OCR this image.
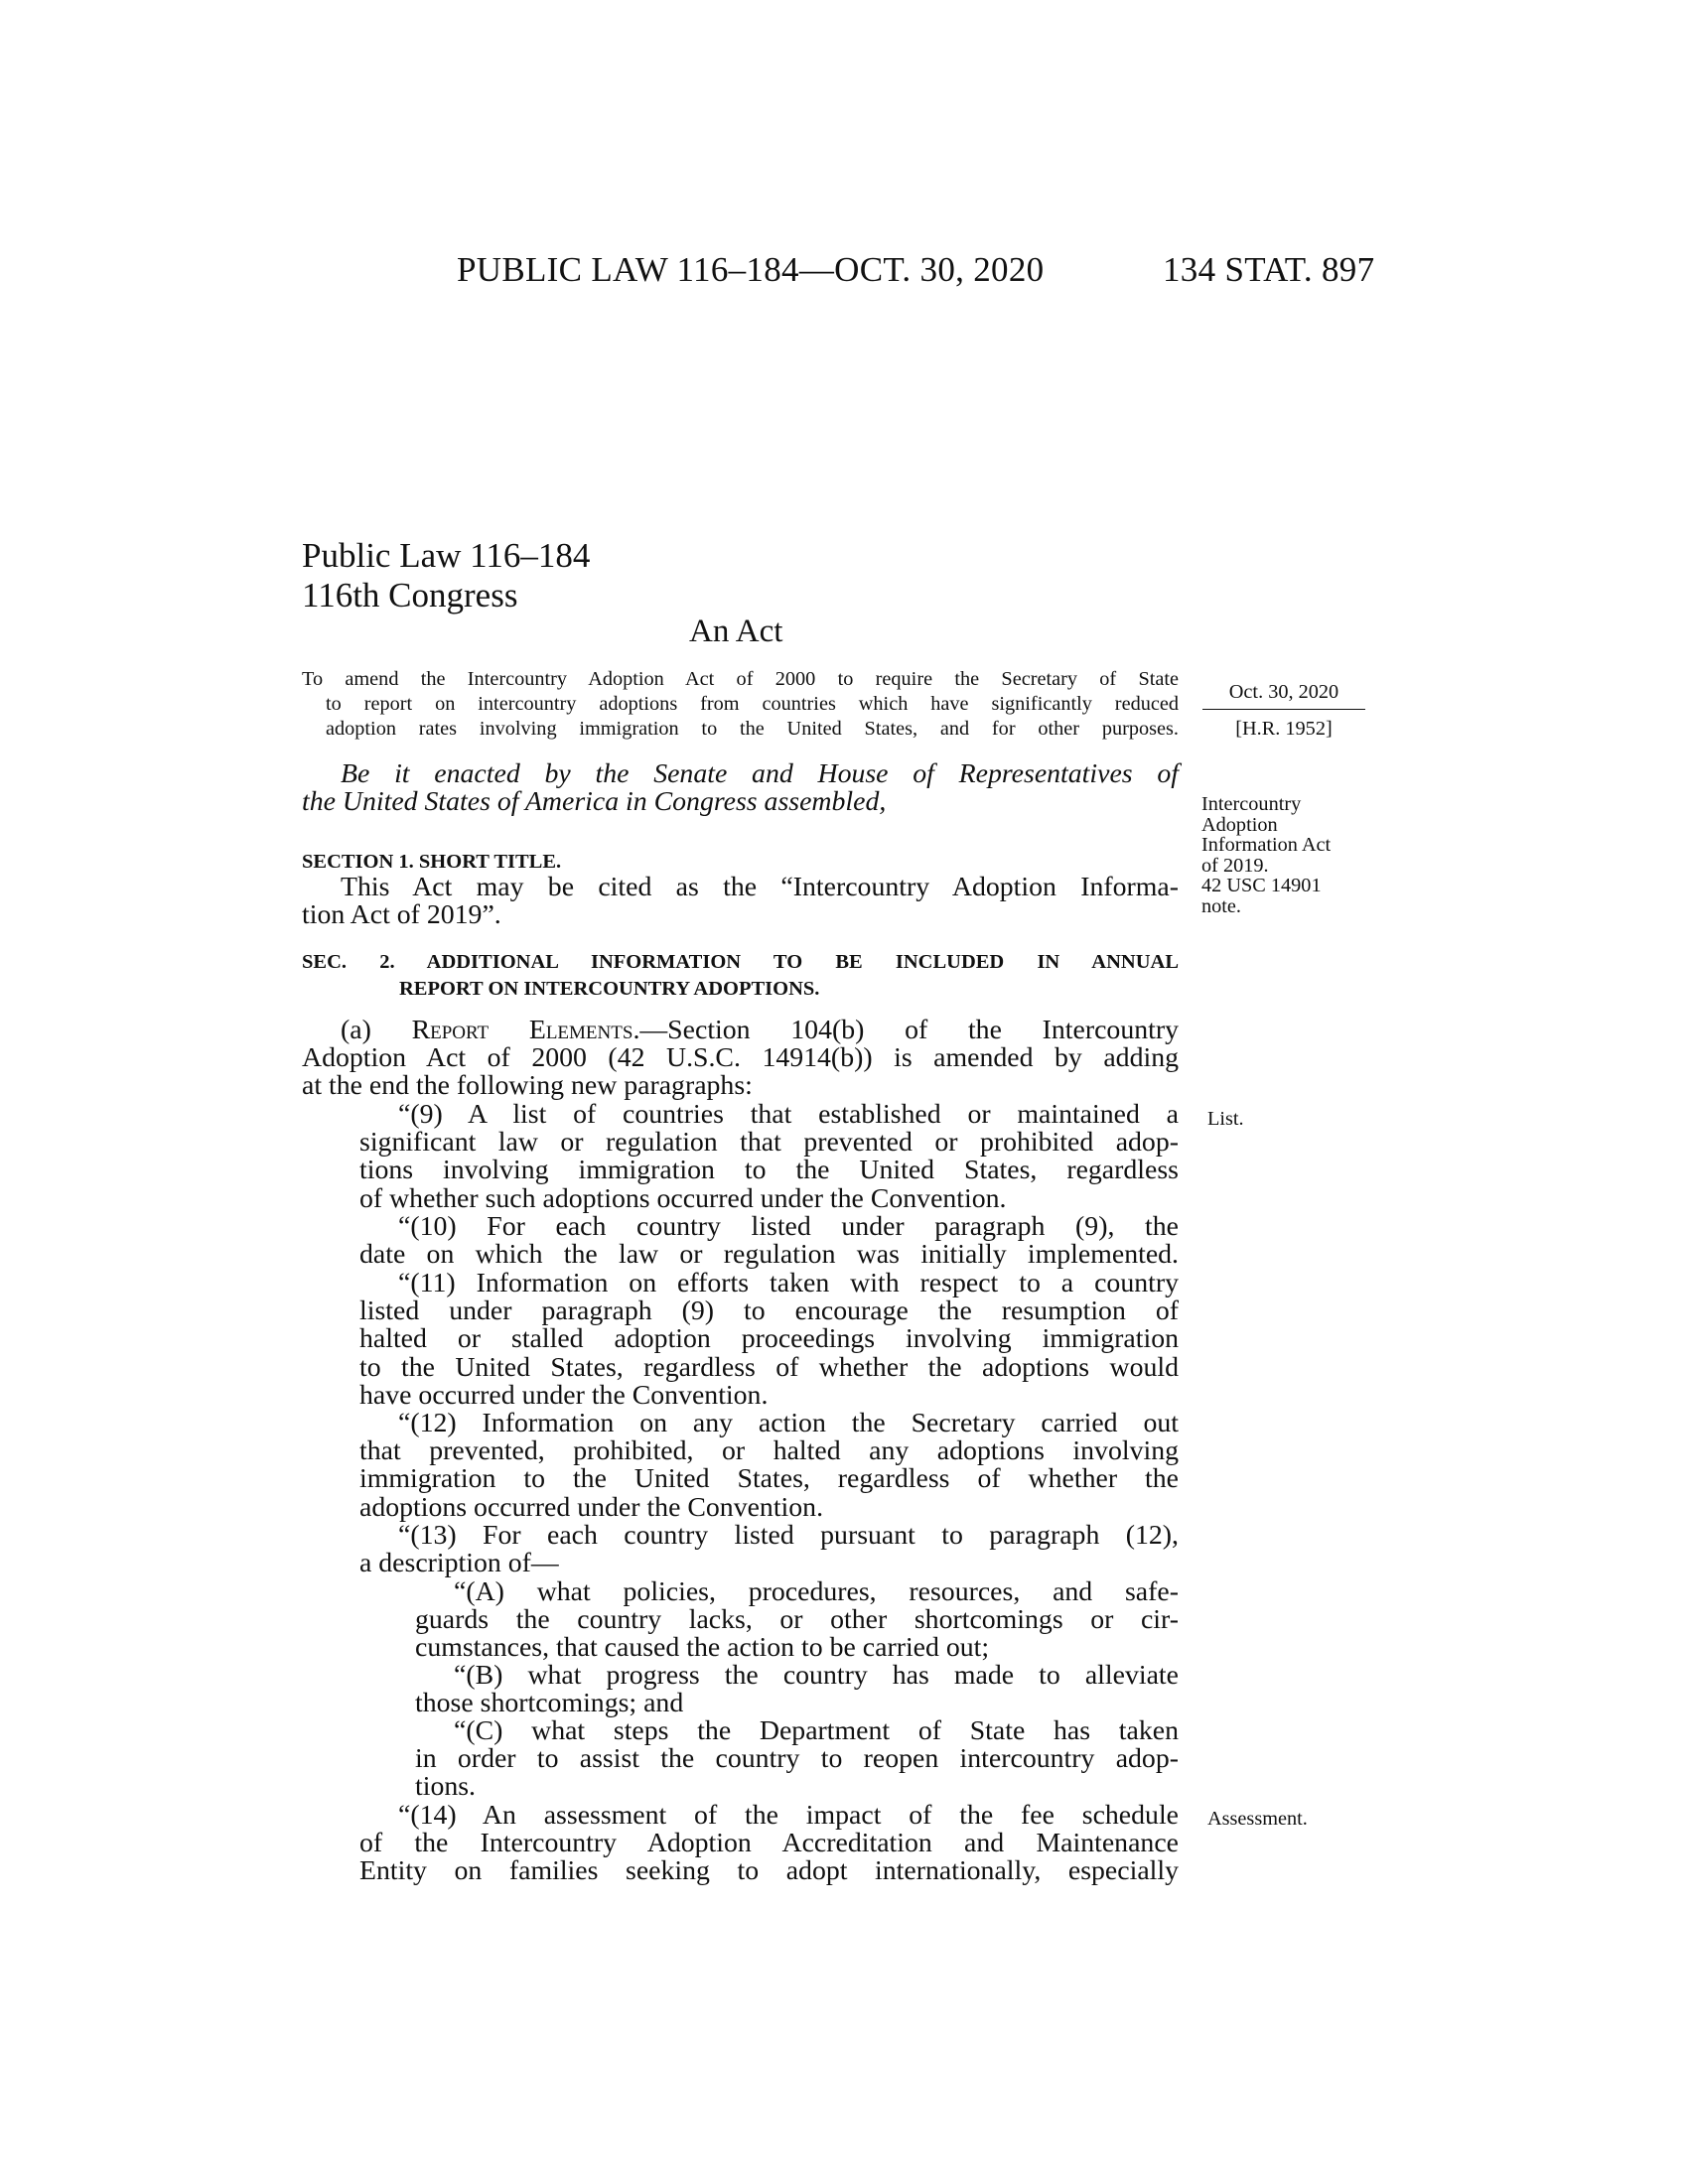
PUBLIC LAW 116–184—OCT. 30, 2020	134 STAT. 897
Public Law 116–184
116th Congress
An Act
To amend the Intercountry Adoption Act of 2000 to require the Secretary of State
to report on intercountry adoptions from countries which have significantly reduced
adoption rates involving immigration to the United States, and for other purposes.
Oct. 30, 2020
[H.R. 1952]
Be it enacted by the Senate and House of Representatives of
the United States of America in Congress assembled,	Intercountry
Adoption
Information Act
of 2019.
42 USC 14901
note.
SECTION 1. SHORT TITLE.
This Act may be cited as the “Intercountry Adoption Informa-
tion Act of 2019”.
SEC. 2. ADDITIONAL INFORMATION TO BE INCLUDED IN ANNUAL
REPORT ON INTERCOUNTRY ADOPTIONS.
(a) Report Elements.—Section 104(b) of the Intercountry
Adoption Act of 2000 (42 U.S.C. 14914(b)) is amended by adding
at the end the following new paragraphs:
“(9) A list of countries that established or maintained a
significant law or regulation that prevented or prohibited adop-
tions involving immigration to the United States, regardless
of whether such adoptions occurred under the Convention.
List.
“(10) For each country listed under paragraph (9), the
date on which the law or regulation was initially implemented.
“(11) Information on efforts taken with respect to a country
listed under paragraph (9) to encourage the resumption of
halted or stalled adoption proceedings involving immigration
to the United States, regardless of whether the adoptions would
have occurred under the Convention.
“(12) Information on any action the Secretary carried out
that prevented, prohibited, or halted any adoptions involving
immigration to the United States, regardless of whether the
adoptions occurred under the Convention.
“(13) For each country listed pursuant to paragraph (12),
a description of—
“(A) what policies, procedures, resources, and safe-
guards the country lacks, or other shortcomings or cir-
cumstances, that caused the action to be carried out;
“(B) what progress the country has made to alleviate
those shortcomings; and
“(C) what steps the Department of State has taken
in order to assist the country to reopen intercountry adop-
tions.
“(14) An assessment of the impact of the fee schedule
of the Intercountry Adoption Accreditation and Maintenance
Entity on families seeking to adopt internationally, especially
Assessment.
